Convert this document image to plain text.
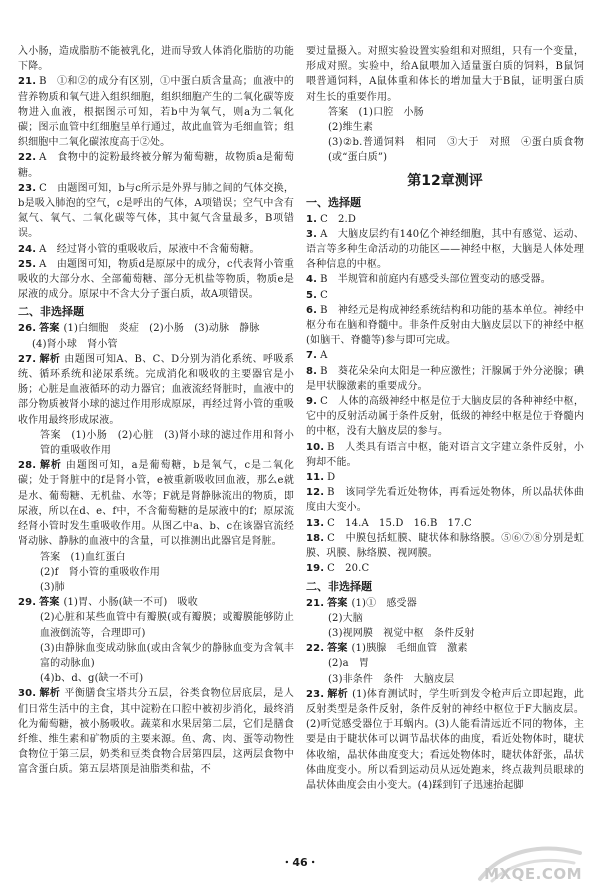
入小肠，造成脂肪不能被乳化，进而导致人体消化脂肪的功能下降。

21. B　①和②的成分有区别，①中蛋白质含量高；血液中的营养物质和氧气进入组织细胞，组织细胞产生的二氧化碳等废物进入血液，根据图示可知，若b中为氧气，则a为二氧化碳；图示血管中红细胞呈单行通过，故此血管为毛细血管；组织细胞中二氧化碳浓度高于②处。

22. A　食物中的淀粉最终被分解为葡萄糖，故物质a是葡萄糖。

23. C　由题图可知，b与c所示是外界与肺之间的气体交换，b是吸入肺泡的空气，c是呼出的气体，A项错误；空气中含有氮气、氧气、二氧化碳等气体，其中氮气含量最多，B项错误。

24. A　经过肾小管的重吸收后，尿液中不含葡萄糖。

25. A　由题图可知，物质d是原尿中的成分，c代表肾小管重吸收的大部分水、全部葡萄糖、部分无机盐等物质，物质e是尿液的成分。原尿中不含大分子蛋白质，故A项错误。

二、非选择题

26. 答案 (1)白细胞　炎症　(2)小肠　(3)动脉　静脉

(4)肾小球　肾小管

27. 解析 由题图可知A、B、C、D分别为消化系统、呼吸系统、循环系统和泌尿系统。完成消化和吸收的主要器官是小肠；心脏是血液循环的动力器官；血液流经肾脏时，血液中的部分物质被肾小球的滤过作用形成原尿，再经过肾小管的重吸收作用最终形成尿液。

答案　(1)小肠　(2)心脏　(3)肾小球的滤过作用和肾小管的重吸收作用

28. 解析 由题图可知，a是葡萄糖，b是氧气，c是二氧化碳；处于肾脏中的f是肾小管，e被重新吸收回血液，那么e就是水、葡萄糖、无机盐、水等；F就是肾静脉流出的物质，即尿液，所以在d、e、f中，不含葡萄糖的是尿液中的f；原尿流经肾小管时发生重吸收作用。从图乙中a、b、c在该器官流经肾动脉、静脉的血液中的含量，可以推测出此器官是肾脏。

答案　(1)血红蛋白

(2)f　肾小管的重吸收作用

(3)肺

29. 答案 (1)胃、小肠(缺一不可)　吸收

(2)心脏和某些血管中有瓣膜(或有瓣膜；或瓣膜能够防止血液倒流等，合理即可)

(3)由静脉血变成动脉血(或由含氧少的静脉血变为含氧丰富的动脉血)

(4)b、d、g(缺一不可)

30. 解析 平衡膳食宝塔共分五层，谷类食物位居底层，是人们日常生活中的主食，其中淀粉在口腔中被初步消化，最终消化为葡萄糖，被小肠吸收。蔬菜和水果居第二层，它们是膳食纤维、维生素和矿物质的主要来源。鱼、禽、肉、蛋等动物性食物位于第三层，奶类和豆类食物合居第四层，这两层食物中富含蛋白质。第五层塔顶是油脂类和盐，不

要过量摄入。对照实验设置实验组和对照组，只有一个变量，形成对照。实验中，给A鼠喂加入适量蛋白质的饲料，B鼠饲喂普通饲料，A鼠体重和体长的增加量大于B鼠，证明蛋白质对生长的重要作用。

答案　(1)口腔　小肠

(2)维生素

(3)②b.普通饲料　相同　③大于　对照　④蛋白质食物(或“蛋白质”)

第12章测评
一、选择题

1. C　2.D

3. A　大脑皮层约有140亿个神经细胞，其中有感觉、运动、语言等多种生命活动的功能区——神经中枢，大脑是人体处理各种信息的中枢。

4. B　半规管和前庭内有感受头部位置变动的感受器。

5. C

6. B　神经元是构成神经系统结构和功能的基本单位。神经中枢分布在脑和脊髓中。非条件反射由大脑皮层以下的神经中枢(如脑干、脊髓等)参与即可完成。

7. A

8. B　葵花朵朵向太阳是一种应激性；汗腺属于外分泌腺；碘是甲状腺激素的重要成分。

9. C　人体的高级神经中枢是位于大脑皮层的各种神经中枢，它中的反射活动属于条件反射，低级的神经中枢是位于脊髓内的中枢，没有大脑皮层的参与。

10. B　人类具有语言中枢，能对语言文字建立条件反射，小狗却不能。

11. D

12. B　该同学先看近处物体，再看远处物体，所以晶状体曲度由大变小。

13. C　14.A　15.D　16.B　17.C

18. C　中膜包括虹膜、睫状体和脉络膜。⑤⑥⑦⑧分别是虹膜、巩膜、脉络膜、视网膜。

19. C　20.C

二、非选择题

21. 答案 (1)①　感受器

(2)大脑

(3)视网膜　视觉中枢　条件反射

22. 答案 (1)胰腺　毛细血管　激素

(2)a　胃

(3)非条件　条件　大脑皮层

23. 解析 (1)体育测试时，学生听到发令枪声后立即起跑，此反射类型是条件反射，条件反射的神经中枢位于F大脑皮层。(2)听觉感受器位于耳蜗内。(3)人能看清远近不同的物体，主要是由于睫状体可以调节晶状体的曲度，看近处物体时，睫状体收缩，晶状体曲度变大；看远处物体时，睫状体舒张，晶状体曲度变小。所以看到运动员从远处跑来，终点裁判员眼球的晶状体曲度会由小变大。(4)踩到钉子迅速抬起脚

・46・
MXQE.COM
